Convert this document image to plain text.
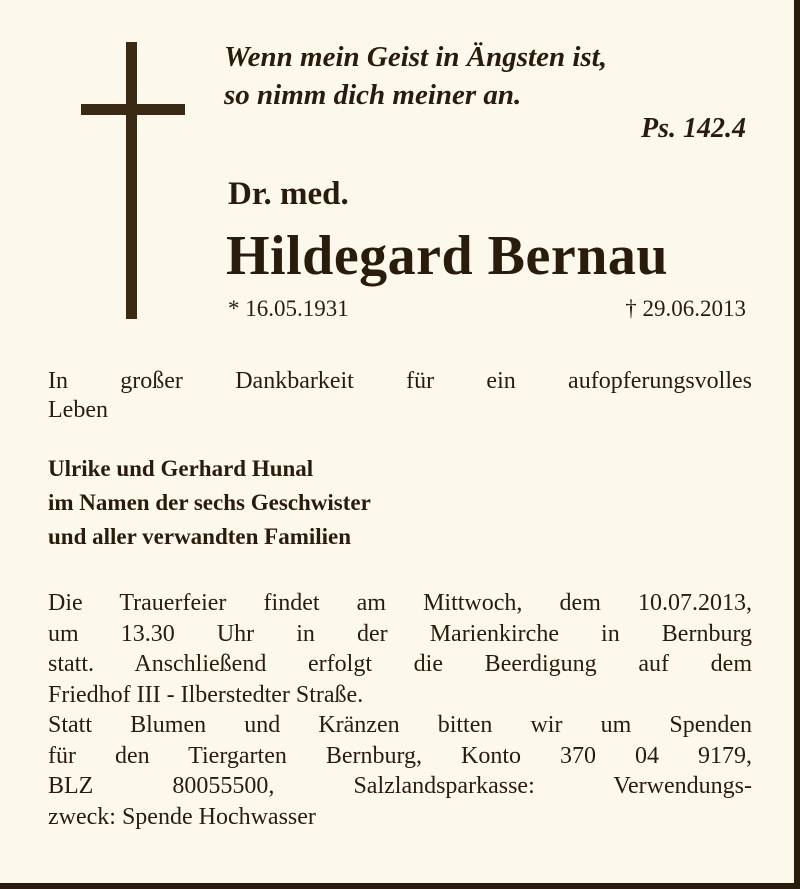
Wenn mein Geist in Ängsten ist,
so nimm dich meiner an.
Ps. 142.4
Dr. med.
Hildegard Bernau
* 16.05.1931	† 29.06.2013
In großer Dankbarkeit für ein aufopferungsvolles
Leben
Ulrike und Gerhard Hunal
im Namen der sechs Geschwister
und aller verwandten Familien
Die Trauerfeier findet am Mittwoch, dem 10.07.2013,
um 13.30 Uhr in der Marienkirche in Bernburg
statt. Anschließend erfolgt die Beerdigung auf dem
Friedhof III - Ilberstedter Straße.
Statt Blumen und Kränzen bitten wir um Spenden
für den Tiergarten Bernburg, Konto 370 04 9179,
BLZ 80055500, Salzlandsparkasse: Verwendungs-
zweck: Spende Hochwasser
